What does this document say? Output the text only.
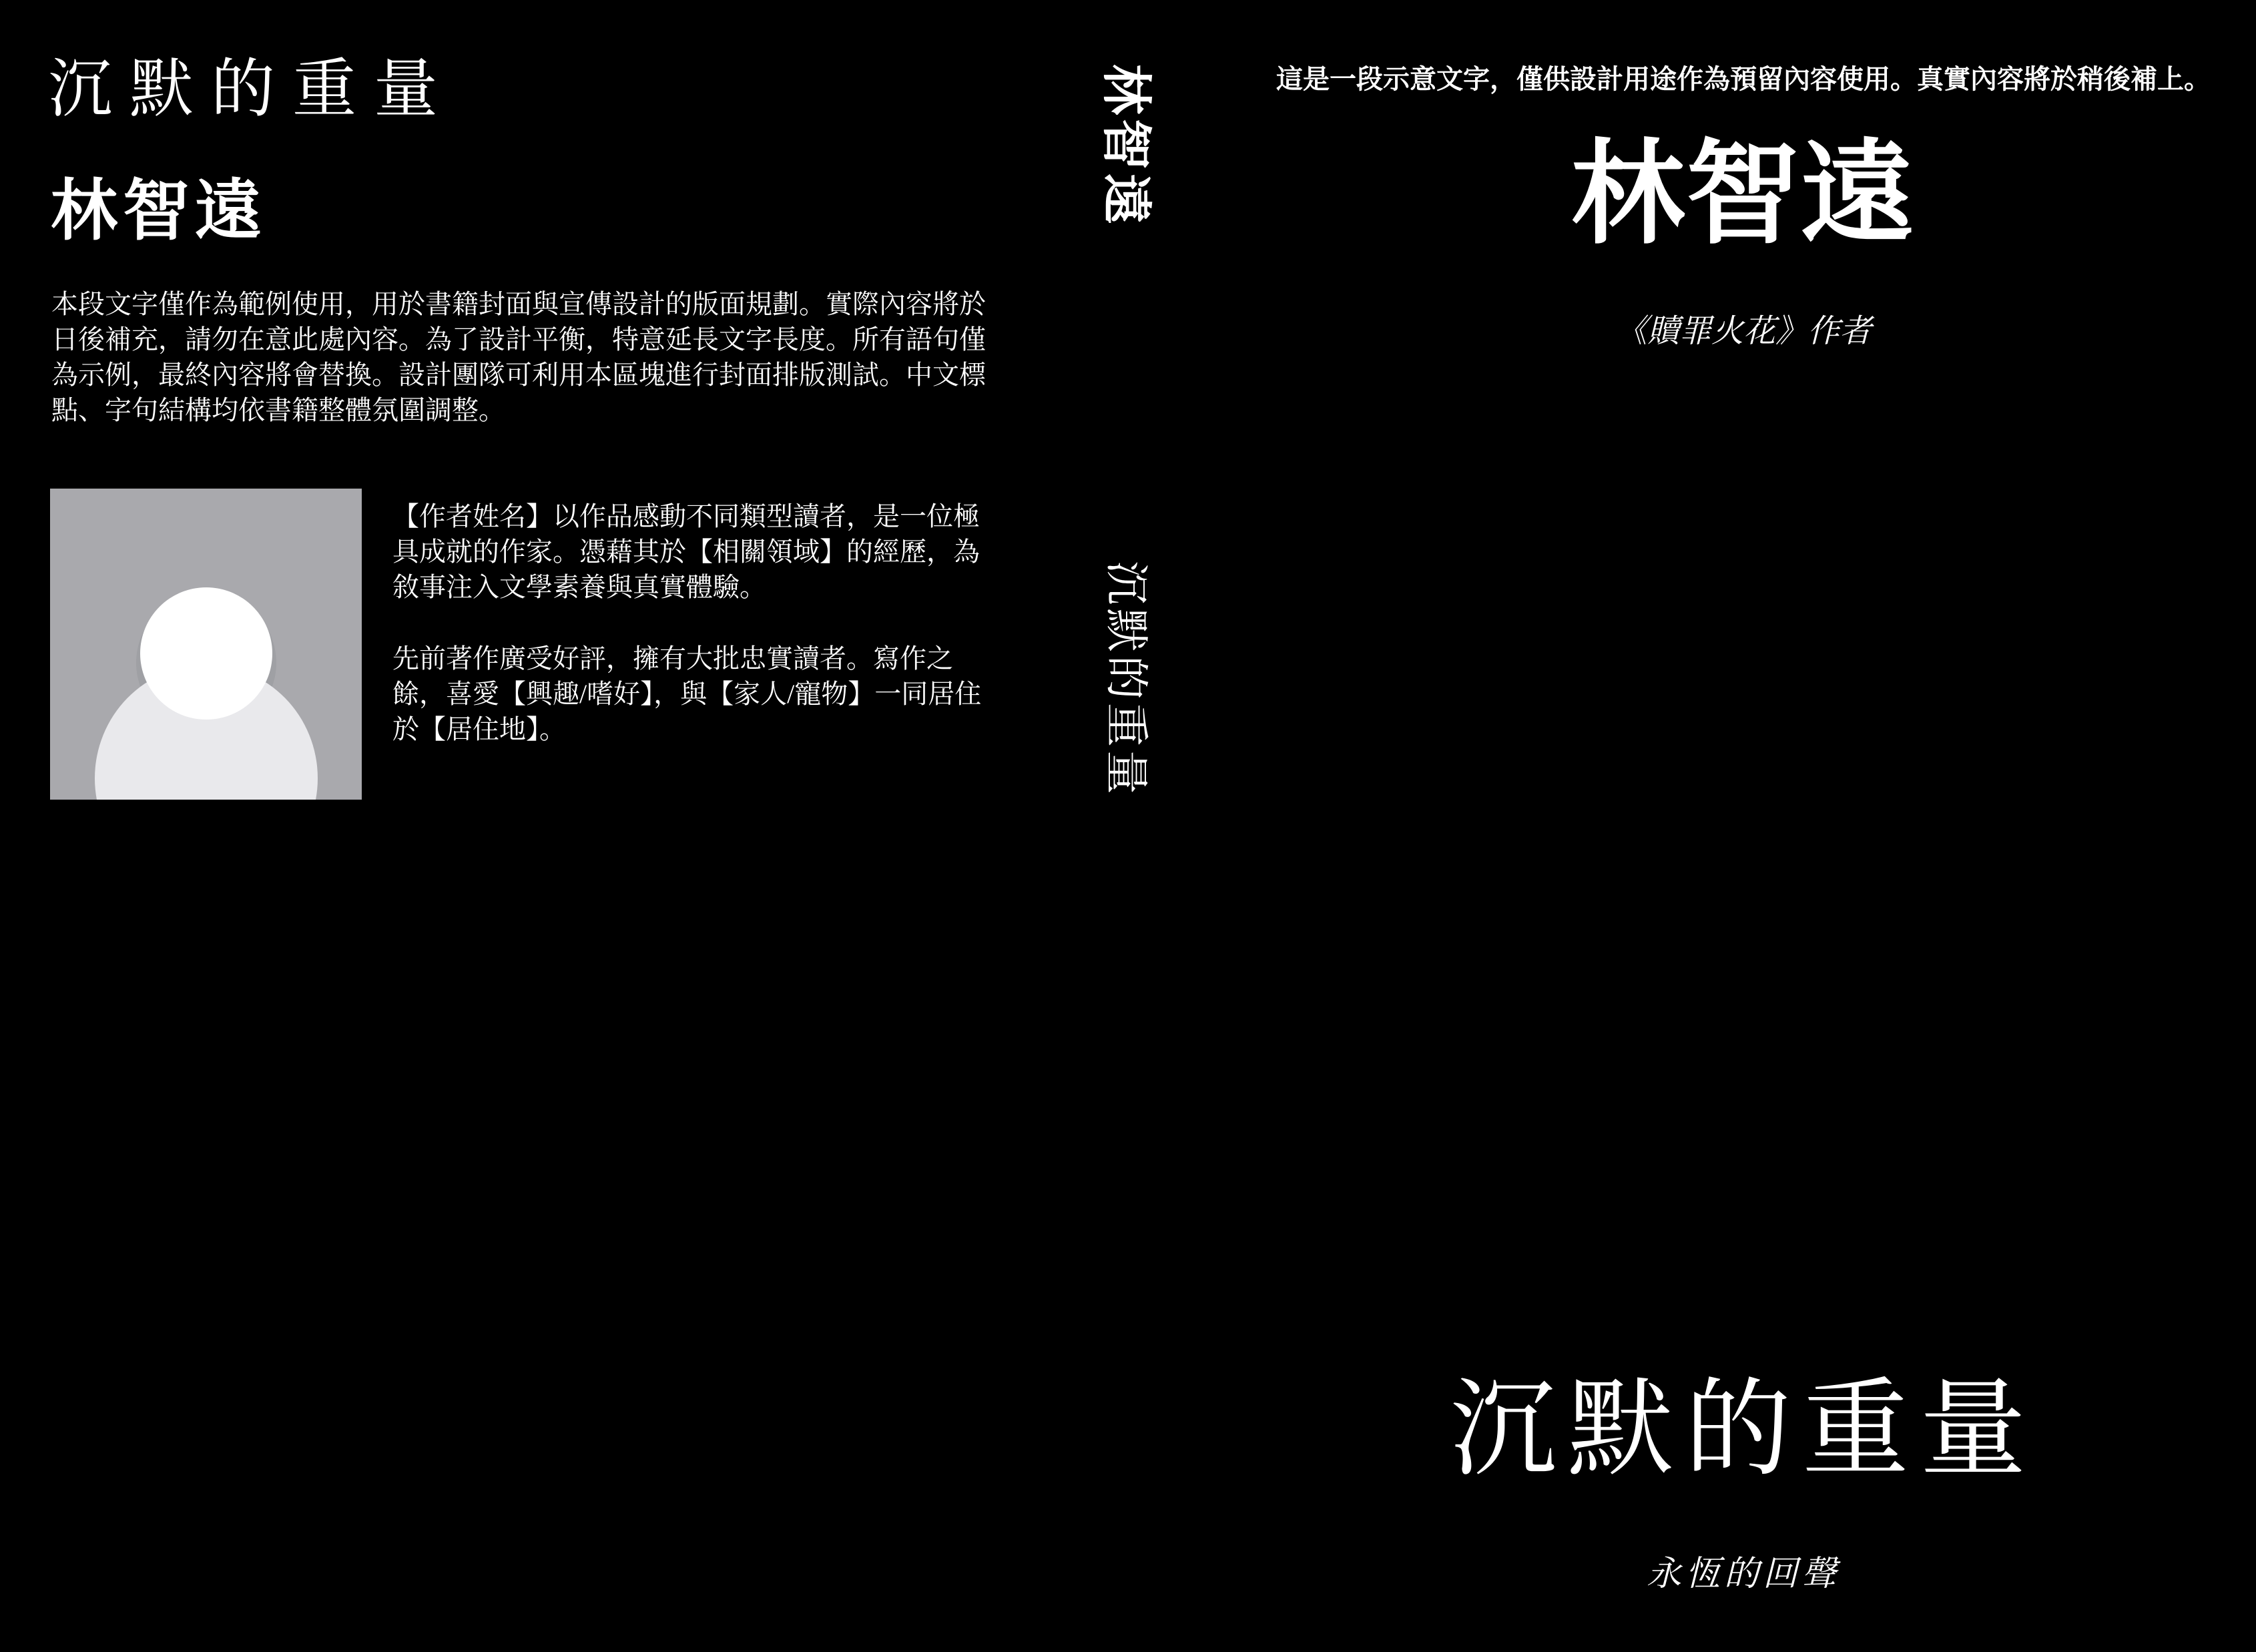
沉默的重量
林智遠
本段文字僅作為範例使用，用於書籍封面與宣傳設計的版面規劃。實際內容將於日後補充，請勿在意此處內容。為了設計平衡，特意延長文字長度。所有語句僅為示例，最終內容將會替換。設計團隊可利用本區塊進行封面排版測試。中文標點、字句結構均依書籍整體氛圍調整。

【作者姓名】以作品感動不同類型讀者，是一位極具成就的作家。憑藉其於【相關領域】的經歷，為敘事注入文學素養與真實體驗。

先前著作廣受好評，擁有大批忠實讀者。寫作之餘，喜愛【興趣/嗜好】，與【家人/寵物】一同居住於【居住地】。

林智遠
沉默的重量
這是一段示意文字，僅供設計用途作為預留內容使用。真實內容將於稍後補上。
林智遠
《贖罪火花》作者
沉默的重量
永恆的回聲
